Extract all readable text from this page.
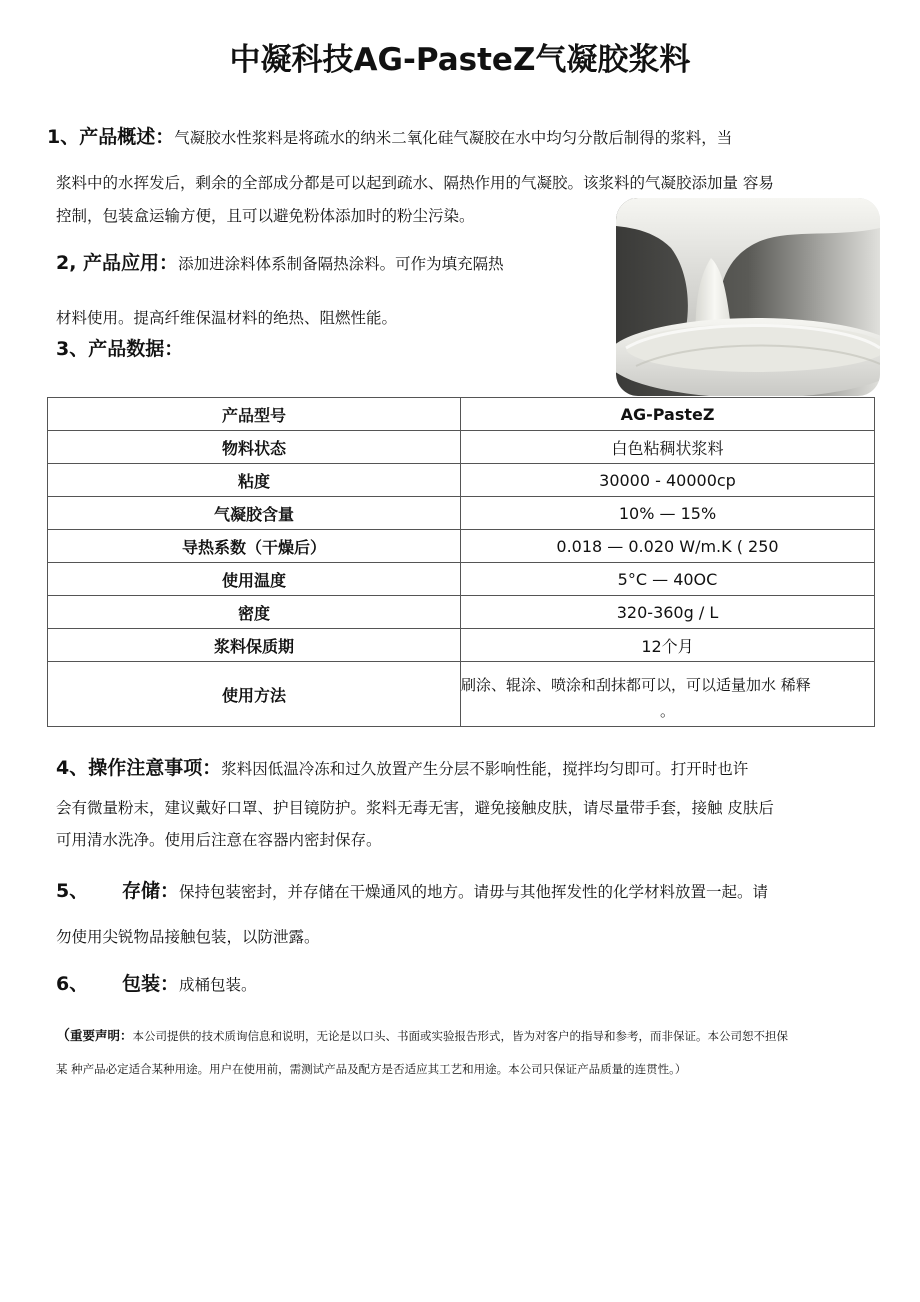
中凝科技AG-PasteZ气凝胶浆料
1、产品概述：气凝胶水性浆料是将疏水的纳米二氧化硅气凝胶在水中均匀分散后制得的浆料，当
浆料中的水挥发后，剩余的全部成分都是可以起到疏水、隔热作用的气凝胶。该浆料的气凝胶添加量 容易
控制，包装盒运输方便，且可以避免粉体添加时的粉尘污染。
2, 产品应用：添加进涂料体系制备隔热涂料。可作为填充隔热
材料使用。提高纤维保温材料的绝热、阻燃性能。
3、产品数据：
产品型号	AG-PasteZ
物料状态	白色粘稠状浆料
粘度	30000 - 40000cp
气凝胶含量	10% — 15%
导热系数（干燥后）	0.018 — 0.020 W/m.K ( 250
使用温度	5°C — 40OC
密度	320-360g / L
浆料保质期	12个月
使用方法	刷涂、辊涂、喷涂和刮抹都可以，可以适量加水 稀释
。
4、操作注意事项：浆料因低温冷冻和过久放置产生分层不影响性能，搅拌均匀即可。打开时也许
会有微量粉末，建议戴好口罩、护目镜防护。浆料无毒无害，避免接触皮肤，请尽量带手套，接触 皮肤后
可用清水洗净。使用后注意在容器内密封保存。
5、 存储：保持包装密封，并存储在干燥通风的地方。请毋与其他挥发性的化学材料放置一起。请
勿使用尖锐物品接触包装，以防泄露。
6、 包装：成桶包装。
（重要声明：本公司提供的技术质询信息和说明，无论是以口头、书面或实验报告形式，皆为对客户的指导和参考，而非保证。本公司恕不担保
某 种产品必定适合某种用途。用户在使用前，需测试产品及配方是否适应其工艺和用途。本公司只保证产品质量的连贯性。）
